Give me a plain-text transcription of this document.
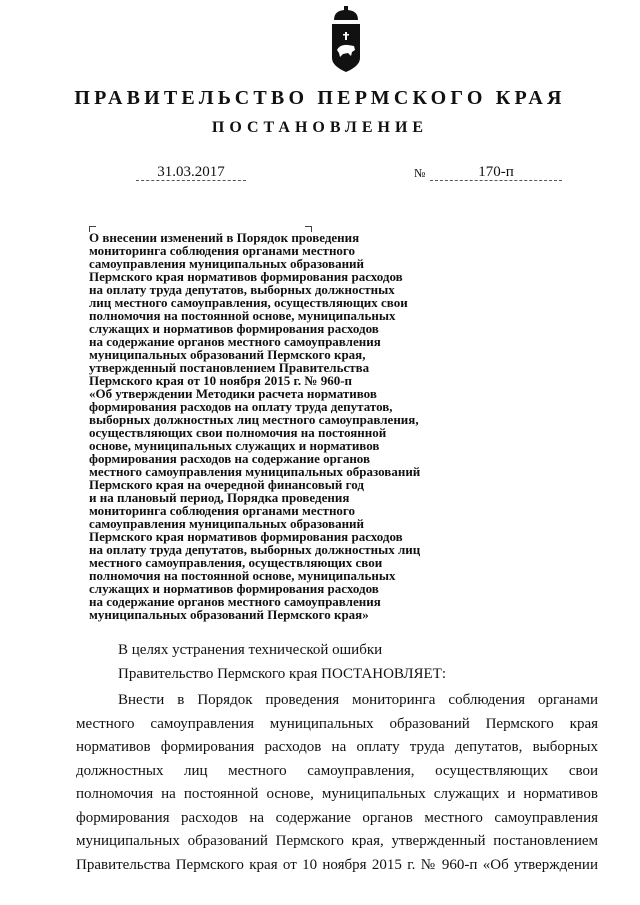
ПРАВИТЕЛЬСТВО ПЕРМСКОГО КРАЯ
ПОСТАНОВЛЕНИЕ
31.03.2017	№	170-п
О внесении изменений в Порядок проведения
мониторинга соблюдения органами местного
самоуправления муниципальных образований
Пермского края нормативов формирования расходов
на оплату труда депутатов, выборных должностных
лиц местного самоуправления, осуществляющих свои
полномочия на постоянной основе, муниципальных
служащих и нормативов формирования расходов
на содержание органов местного самоуправления
муниципальных образований Пермского края,
утвержденный постановлением Правительства
Пермского края от 10 ноября 2015 г. № 960-п
«Об утверждении Методики расчета нормативов
формирования расходов на оплату труда депутатов,
выборных должностных лиц местного самоуправления,
осуществляющих свои полномочия на постоянной
основе, муниципальных служащих и нормативов
формирования расходов на содержание органов
местного самоуправления муниципальных образований
Пермского края на очередной финансовый год
и на плановый период, Порядка проведения
мониторинга соблюдения органами местного
самоуправления муниципальных образований
Пермского края нормативов формирования расходов
на оплату труда депутатов, выборных должностных лиц
местного самоуправления, осуществляющих свои
полномочия на постоянной основе, муниципальных
служащих и нормативов формирования расходов
на содержание органов местного самоуправления
муниципальных образований Пермского края»
В целях устранения технической ошибки
Правительство Пермского края ПОСТАНОВЛЯЕТ:
Внести в Порядок проведения мониторинга соблюдения органами
местного самоуправления муниципальных образований Пермского края
нормативов формирования расходов на оплату труда депутатов, выборных
должностных лиц местного самоуправления, осуществляющих свои
полномочия на постоянной основе, муниципальных служащих и нормативов
формирования расходов на содержание органов местного самоуправления
муниципальных образований Пермского края, утвержденный постановлением
Правительства Пермского края от 10 ноября 2015 г. № 960-п «Об утверждении
